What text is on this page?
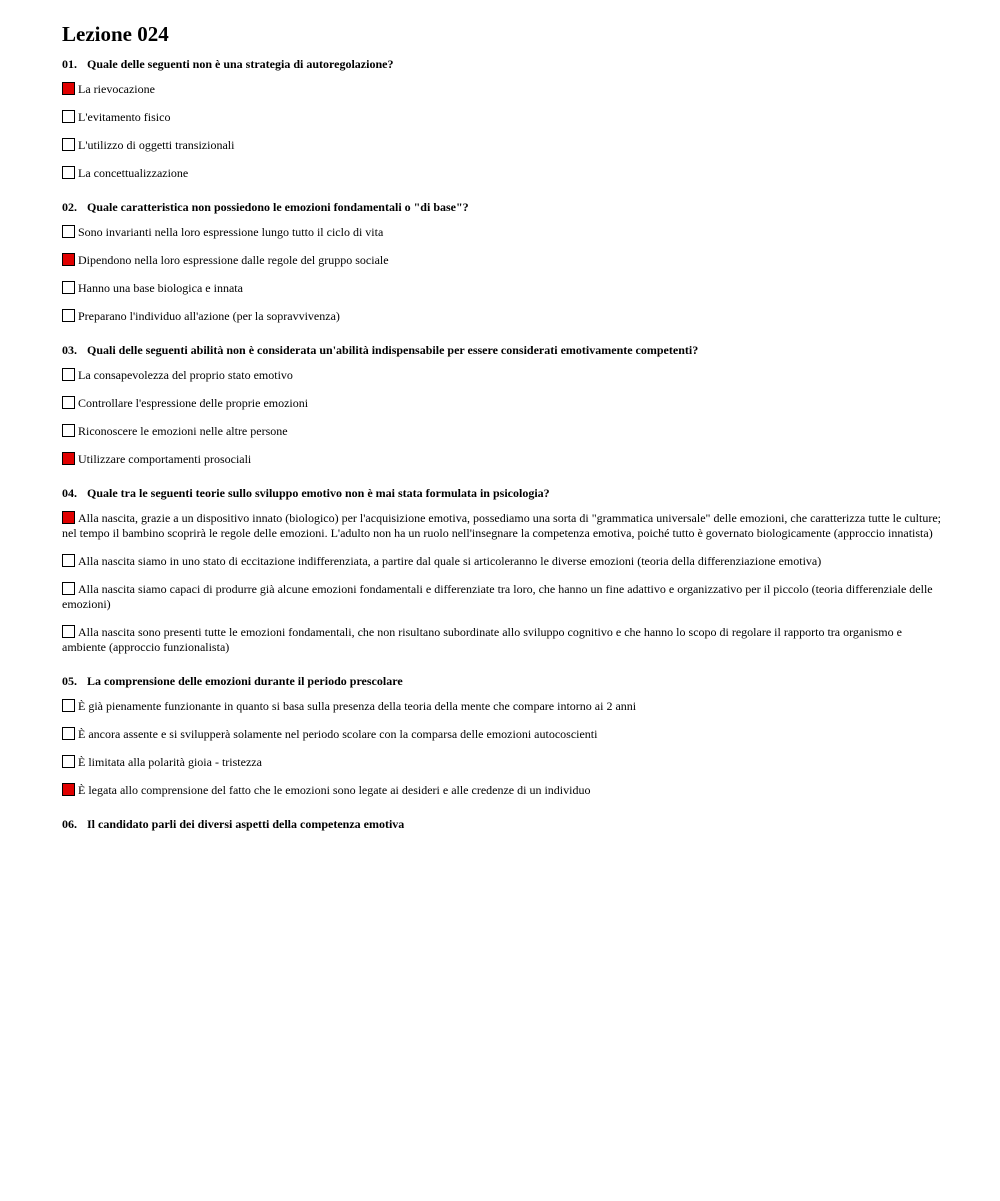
Lezione 024
01. Quale delle seguenti non è una strategia di autoregolazione?
La rievocazione
L'evitamento fisico
L'utilizzo di oggetti transizionali
La concettualizzazione
02. Quale caratteristica non possiedono le emozioni fondamentali o "di base"?
Sono invarianti nella loro espressione lungo tutto il ciclo di vita
Dipendono nella loro espressione dalle regole del gruppo sociale
Hanno una base biologica e innata
Preparano l'individuo all'azione (per la sopravvivenza)
03. Quali delle seguenti abilità non è considerata un'abilità indispensabile per essere considerati emotivamente competenti?
La consapevolezza del proprio stato emotivo
Controllare l'espressione delle proprie emozioni
Riconoscere le emozioni nelle altre persone
Utilizzare comportamenti prosociali
04. Quale tra le seguenti teorie sullo sviluppo emotivo non è mai stata formulata in psicologia?
Alla nascita, grazie a un dispositivo innato (biologico) per l'acquisizione emotiva, possediamo una sorta di "grammatica universale" delle emozioni, che caratterizza tutte le culture; nel tempo il bambino scoprirà le regole delle emozioni. L'adulto non ha un ruolo nell'insegnare la competenza emotiva, poiché tutto è governato biologicamente (approccio innatista)
Alla nascita siamo in uno stato di eccitazione indifferenziata, a partire dal quale si articoleranno le diverse emozioni (teoria della differenziazione emotiva)
Alla nascita siamo capaci di produrre già alcune emozioni fondamentali e differenziate tra loro, che hanno un fine adattivo e organizzativo per il piccolo (teoria differenziale delle emozioni)
Alla nascita sono presenti tutte le emozioni fondamentali, che non risultano subordinate allo sviluppo cognitivo e che hanno lo scopo di regolare il rapporto tra organismo e ambiente (approccio funzionalista)
05. La comprensione delle emozioni durante il periodo prescolare
È già pienamente funzionante in quanto si basa sulla presenza della teoria della mente che compare intorno ai 2 anni
È ancora assente e si svilupperà solamente nel periodo scolare con la comparsa delle emozioni autocoscienti
È limitata alla polarità gioia - tristezza
È legata allo comprensione del fatto che le emozioni sono legate ai desideri e alle credenze di un individuo
06. Il candidato parli dei diversi aspetti della competenza emotiva
